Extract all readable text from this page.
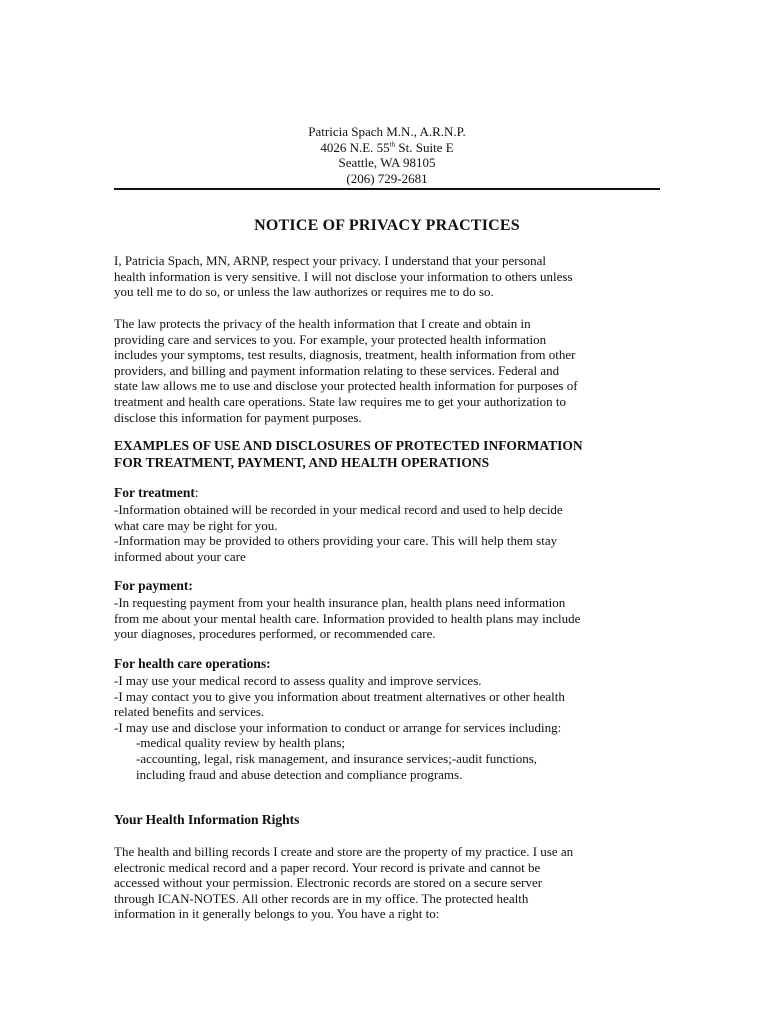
Patricia Spach M.N., A.R.N.P.
4026 N.E. 55th St. Suite E
Seattle, WA 98105
(206) 729-2681
NOTICE OF PRIVACY PRACTICES

I, Patricia Spach, MN, ARNP, respect your privacy. I understand that your personal
health information is very sensitive. I will not disclose your information to others unless
you tell me to do so, or unless the law authorizes or requires me to do so.

The law protects the privacy of the health information that I create and obtain in
providing care and services to you. For example, your protected health information
includes your symptoms, test results, diagnosis, treatment, health information from other
providers, and billing and payment information relating to these services. Federal and
state law allows me to use and disclose your protected health information for purposes of
treatment and health care operations. State law requires me to get your authorization to
disclose this information for payment purposes.

EXAMPLES OF USE AND DISCLOSURES OF PROTECTED INFORMATION
FOR TREATMENT, PAYMENT, AND HEALTH OPERATIONS

For treatment:

-Information obtained will be recorded in your medical record and used to help decide
what care may be right for you.
-Information may be provided to others providing your care. This will help them stay
informed about your care

For payment:

-In requesting payment from your health insurance plan, health plans need information
from me about your mental health care. Information provided to health plans may include
your diagnoses, procedures performed, or recommended care.

For health care operations:

-I may use your medical record to assess quality and improve services.
-I may contact you to give you information about treatment alternatives or other health
related benefits and services.
-I may use and disclose your information to conduct or arrange for services including:
-medical quality review by health plans;
-accounting, legal, risk management, and insurance services;-audit functions,
including fraud and abuse detection and compliance programs.

Your Health Information Rights

The health and billing records I create and store are the property of my practice. I use an
electronic medical record and a paper record. Your record is private and cannot be
accessed without your permission. Electronic records are stored on a secure server
through ICAN-NOTES. All other records are in my office. The protected health
information in it generally belongs to you. You have a right to:
